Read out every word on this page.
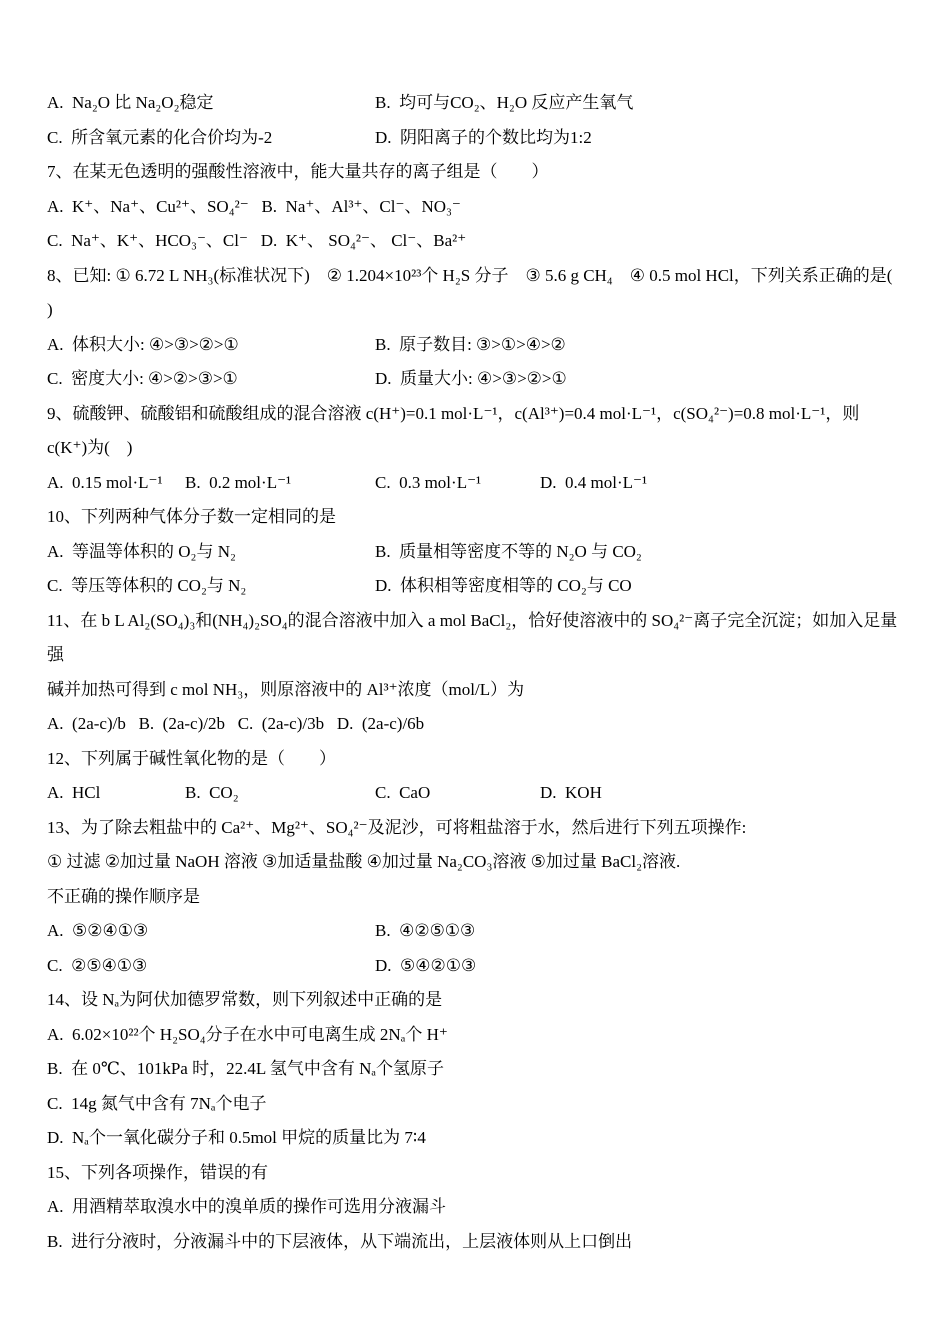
A.  Na₂O 比 Na₂O₂稳定	B.  均可与CO₂、H₂O 反应产生氧气
C.  所含氧元素的化合价均为-2	D.  阴阳离子的个数比均为1:2
7、在某无色透明的强酸性溶液中，能大量共存的离子组是（　　）
A.  K⁺、Na⁺、Cu²⁺、SO₄²⁻   B.  Na⁺、Al³⁺、Cl⁻、NO₃⁻
C.  Na⁺、K⁺、HCO₃⁻、Cl⁻   D.  K⁺、 SO₄²⁻、 Cl⁻、Ba²⁺
8、已知: ① 6.72 L NH₃(标准状况下)　② 1.204×10²³个 H₂S 分子　③ 5.6 g CH₄　④ 0.5 mol HCl，下列关系正确的是(
)
A.  体积大小: ④>③>②>①	B.  原子数目: ③>①>④>②
C.  密度大小: ④>②>③>①	D.  质量大小: ④>③>②>①
9、硫酸钾、硫酸铝和硫酸组成的混合溶液 c(H⁺)=0.1 mol·L⁻¹，c(Al³⁺)=0.4 mol·L⁻¹，c(SO₄²⁻)=0.8 mol·L⁻¹，则
c(K⁺)为(　)
A.  0.15 mol·L⁻¹ B.  0.2 mol·L⁻¹	C.  0.3 mol·L⁻¹	D.  0.4 mol·L⁻¹
10、下列两种气体分子数一定相同的是
A.  等温等体积的 O₂与 N₂	B.  质量相等密度不等的 N₂O 与 CO₂
C.  等压等体积的 CO₂与 N₂	D.  体积相等密度相等的 CO₂与 CO
11、在 b L Al₂(SO₄)₃和(NH₄)₂SO₄的混合溶液中加入 a mol BaCl₂，恰好使溶液中的 SO₄²⁻离子完全沉淀；如加入足量强
碱并加热可得到 c mol NH₃，则原溶液中的 Al³⁺浓度（mol/L）为
A.  (2a-c)/b   B.  (2a-c)/2b   C.  (2a-c)/3b   D.  (2a-c)/6b
12、下列属于碱性氧化物的是（　　）
A.  HCl	B.  CO₂	C.  CaO	D.  KOH
13、为了除去粗盐中的 Ca²⁺、Mg²⁺、SO₄²⁻及泥沙，可将粗盐溶于水，然后进行下列五项操作:
① 过滤 ②加过量 NaOH 溶液 ③加适量盐酸 ④加过量 Na₂CO₃溶液 ⑤加过量 BaCl₂溶液.
不正确的操作顺序是
A.  ⑤②④①③	B.  ④②⑤①③
C.  ②⑤④①③	D.  ⑤④②①③
14、设 Nₐ为阿伏加德罗常数，则下列叙述中正确的是
A.  6.02×10²²个 H₂SO₄分子在水中可电离生成 2Nₐ个 H⁺
B.  在 0℃、101kPa 时，22.4L 氢气中含有 Nₐ个氢原子
C.  14g 氮气中含有 7Nₐ个电子
D.  Nₐ个一氧化碳分子和 0.5mol 甲烷的质量比为 7∶4
15、下列各项操作，错误的有
A.  用酒精萃取溴水中的溴单质的操作可选用分液漏斗
B.  进行分液时，分液漏斗中的下层液体，从下端流出，上层液体则从上口倒出
